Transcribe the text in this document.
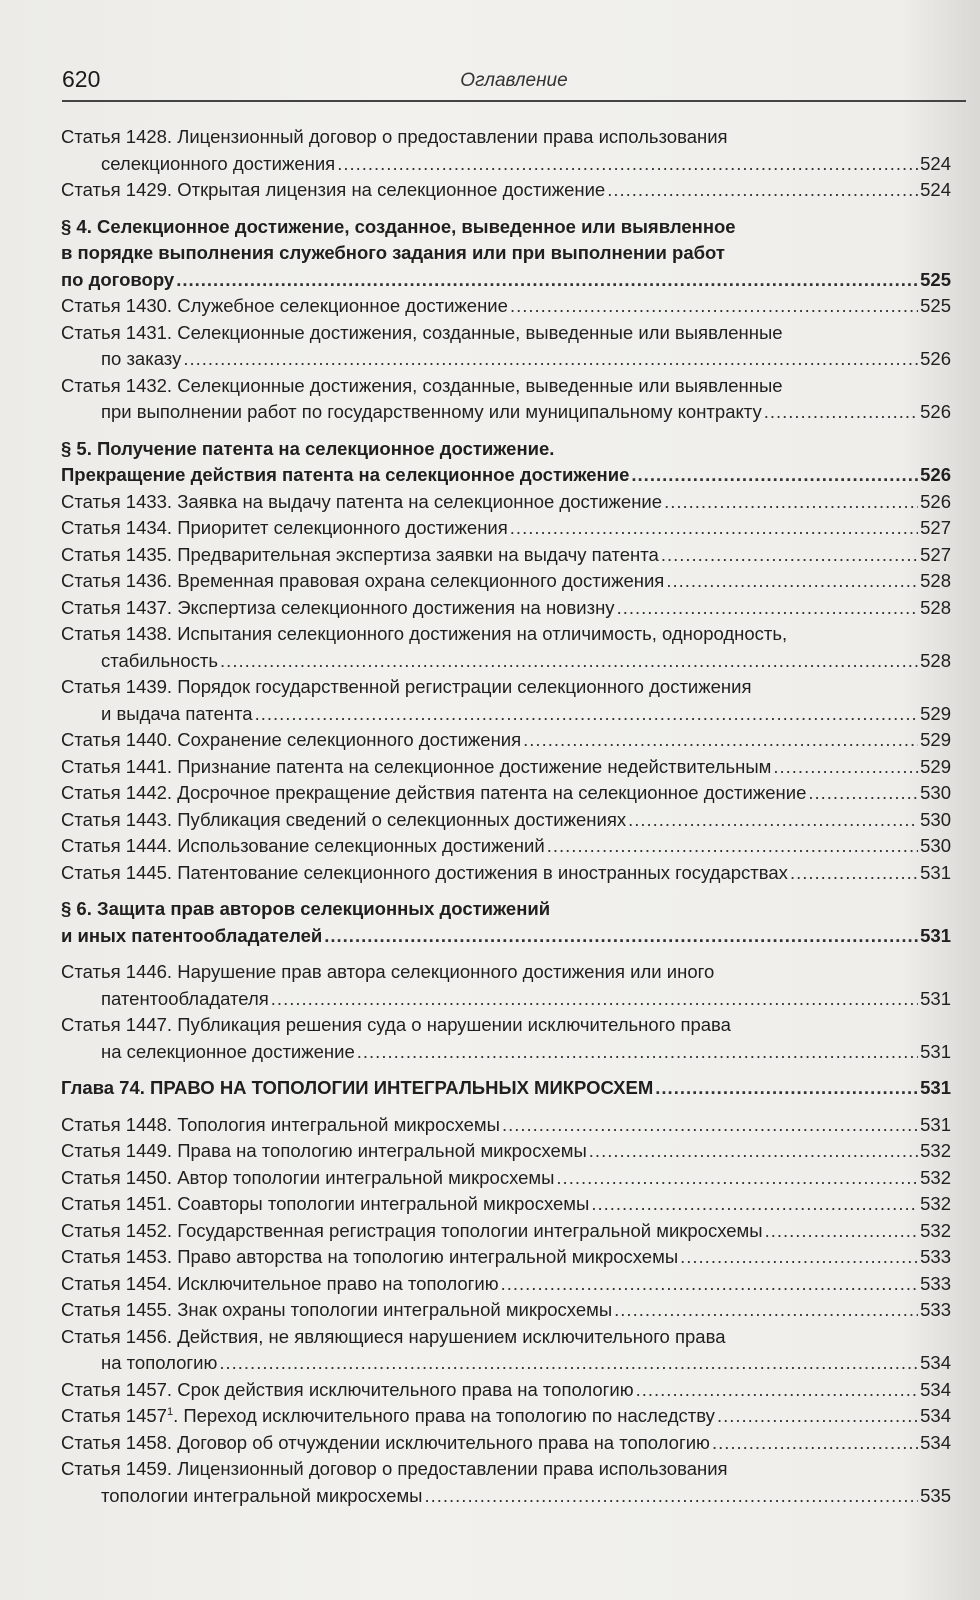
620	Оглавление
Статья 1428. Лицензионный договор о предоставлении права использования
селекционного достижения .....	524
Статья 1429. Открытая лицензия на селекционное достижение .....	524
§ 4. Селекционное достижение, созданное, выведенное или выявленное
в порядке выполнения служебного задания или при выполнении работ
по договору .....	525
Статья 1430. Служебное селекционное достижение .....	525
Статья 1431. Селекционные достижения, созданные, выведенные или выявленные
по заказу .....	526
Статья 1432. Селекционные достижения, созданные, выведенные или выявленные
при выполнении работ по государственному или муниципальному контракту .....	526
§ 5. Получение патента на селекционное достижение.
Прекращение действия патента на селекционное достижение .....	526
Статья 1433. Заявка на выдачу патента на селекционное достижение .....	526
Статья 1434. Приоритет селекционного достижения .....	527
Статья 1435. Предварительная экспертиза заявки на выдачу патента .....	527
Статья 1436. Временная правовая охрана селекционного достижения .....	528
Статья 1437. Экспертиза селекционного достижения на новизну .....	528
Статья 1438. Испытания селекционного достижения на отличимость, однородность,
стабильность .....	528
Статья 1439. Порядок государственной регистрации селекционного достижения
и выдача патента .....	529
Статья 1440. Сохранение селекционного достижения .....	529
Статья 1441. Признание патента на селекционное достижение недействительным .....	529
Статья 1442. Досрочное прекращение действия патента на селекционное достижение .....	530
Статья 1443. Публикация сведений о селекционных достижениях .....	530
Статья 1444. Использование селекционных достижений .....	530
Статья 1445. Патентование селекционного достижения в иностранных государствах .....	531
§ 6. Защита прав авторов селекционных достижений
и иных патентообладателей .....	531
Статья 1446. Нарушение прав автора селекционного достижения или иного
патентообладателя .....	531
Статья 1447. Публикация решения суда о нарушении исключительного права
на селекционное достижение .....	531
Глава 74. ПРАВО НА ТОПОЛОГИИ ИНТЕГРАЛЬНЫХ МИКРОСХЕМ .....	531
Статья 1448. Топология интегральной микросхемы .....	531
Статья 1449. Права на топологию интегральной микросхемы .....	532
Статья 1450. Автор топологии интегральной микросхемы .....	532
Статья 1451. Соавторы топологии интегральной микросхемы .....	532
Статья 1452. Государственная регистрация топологии интегральной микросхемы .....	532
Статья 1453. Право авторства на топологию интегральной микросхемы .....	533
Статья 1454. Исключительное право на топологию .....	533
Статья 1455. Знак охраны топологии интегральной микросхемы .....	533
Статья 1456. Действия, не являющиеся нарушением исключительного права
на топологию .....	534
Статья 1457. Срок действия исключительного права на топологию .....	534
Статья 1457$^1$. Переход исключительного права на топологию по наследству .....	534
Статья 1458. Договор об отчуждении исключительного права на топологию .....	534
Статья 1459. Лицензионный договор о предоставлении права использования
топологии интегральной микросхемы .....	535
